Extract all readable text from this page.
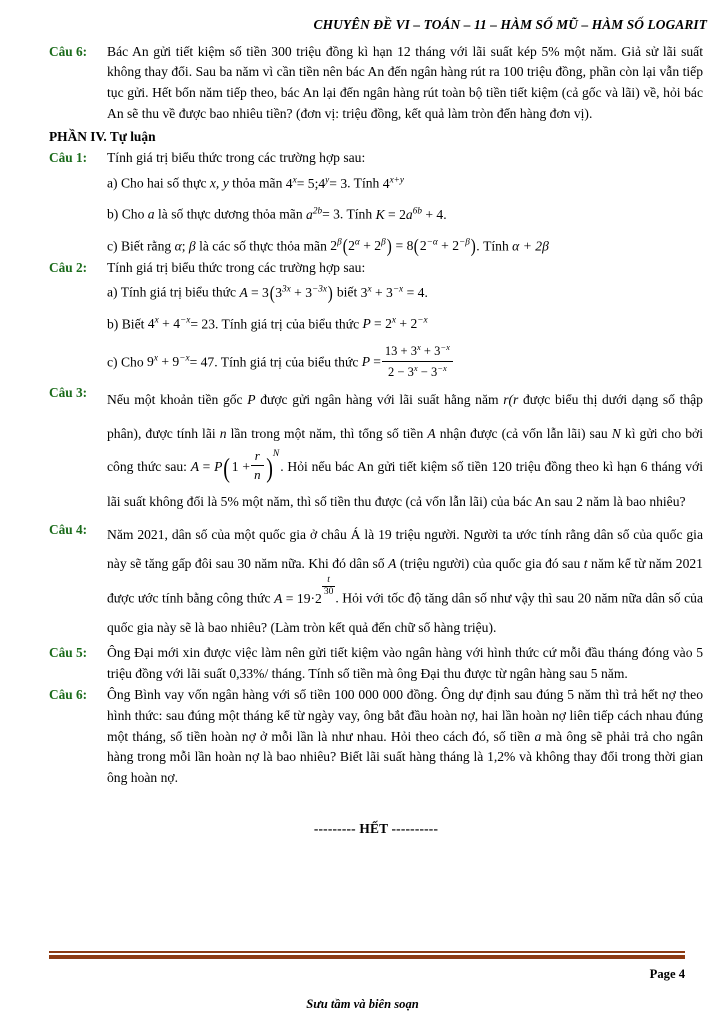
CHUYÊN ĐỀ VI – TOÁN – 11 – HÀM SỐ MŨ – HÀM SỐ LOGARIT
Câu 6:	Bác An gửi tiết kiệm số tiền 300 triệu đồng kì hạn 12 tháng với lãi suất kép 5% một năm. Giả sử lãi suất không thay đổi. Sau ba năm vì cần tiền nên bác An đến ngân hàng rút ra 100 triệu đồng, phần còn lại vẫn tiếp tục gửi. Hết bốn năm tiếp theo, bác An lại đến ngân hàng rút toàn bộ tiền tiết kiệm (cả gốc và lãi) về, hỏi bác An sẽ thu về được bao nhiêu tiền? (đơn vị: triệu đồng, kết quả làm tròn đến hàng đơn vị).
PHẦN IV. Tự luận
Câu 1:	Tính giá trị biểu thức trong các trường hợp sau:
a) Cho hai số thực x, y thỏa mãn $4^x=$ $5;4^y= 3$. Tính $4^{x+y}$
b) Cho a là số thực dương thỏa mãn $a^{2b}= 3$. Tính $K = 2a^{6b} + 4$.
c) Biết rằng α; β là các số thực thỏa mãn $2^\beta(2^\alpha + 2^\beta) = 8(2^{-\alpha} + 2^{-\beta})$. Tính α + 2β
Câu 2:	Tính giá trị biểu thức trong các trường hợp sau:
a) Tính giá trị biểu thức $A = 3(3^{3x} + 3^{-3x})$ biết $3^x + 3^{-x} = 4$.
b) Biết $4^x + 4^{-x}= 23$. Tính giá trị của biểu thức $P = 2^x + 2^{-x}$
c) Cho $9^x + 9^{-x}= 47$. Tính giá trị của biểu thức $P = \frac{13 + 3^x + 3^{-x}}{2 - 3^x - 3^{-x}}$
Câu 3:	Nếu một khoản tiền gốc P được gửi ngân hàng với lãi suất hằng năm r(r được biểu thị dưới dạng số thập phân), được tính lãi n lần trong một năm, thì tổng số tiền A nhận được (cả vốn lẫn lãi) sau N kì gửi cho bởi công thức sau: $A = P(1 + \frac{r}{n} )^N$. Hỏi nếu bác An gửi tiết kiệm số tiền 120 triệu đồng theo kì hạn 6 tháng với lãi suất không đổi là 5% một năm, thì số tiền thu được (cả vốn lẫn lãi) của bác An sau 2 năm là bao nhiêu?
Câu 4:	Năm 2021, dân số của một quốc gia ở châu Á là 19 triệu người. Người ta ước tính rằng dân số của quốc gia này sẽ tăng gấp đôi sau 30 năm nữa. Khi đó dân số A (triệu người) của quốc gia đó sau t năm kể từ năm 2021 được ước tính bằng công thức $A = 19\cdot 2 \frac{t}{30}$ . Hỏi với tốc độ tăng dân số như vậy thì sau 20 năm nữa dân số của quốc gia này sẽ là bao nhiêu? (Làm tròn kết quả đến chữ số hàng triệu).
Câu 5:	Ông Đại mới xin được việc làm nên gửi tiết kiệm vào ngân hàng với hình thức cứ mỗi đầu tháng đóng vào 5 triệu đồng với lãi suất 0,33%/ tháng. Tính số tiền mà ông Đại thu được từ ngân hàng sau 5 năm.
Câu 6:	Ông Bình vay vốn ngân hàng với số tiền 100 000 000 đồng. Ông dự định sau đúng 5 năm thì trả hết nợ theo hình thức: sau đúng một tháng kể từ ngày vay, ông bắt đầu hoàn nợ, hai lần hoàn nợ liên tiếp cách nhau đúng một tháng, số tiền hoàn nợ ở mỗi lần là như nhau. Hỏi theo cách đó, số tiền a mà ông sẽ phải trả cho ngân hàng trong mỗi lần hoàn nợ là bao nhiêu? Biết lãi suất hàng tháng là 1,2% và không thay đổi trong thời gian ông hoàn nợ.
--------- HẾT ----------
Page 4
Sưu tầm và biên soạn
